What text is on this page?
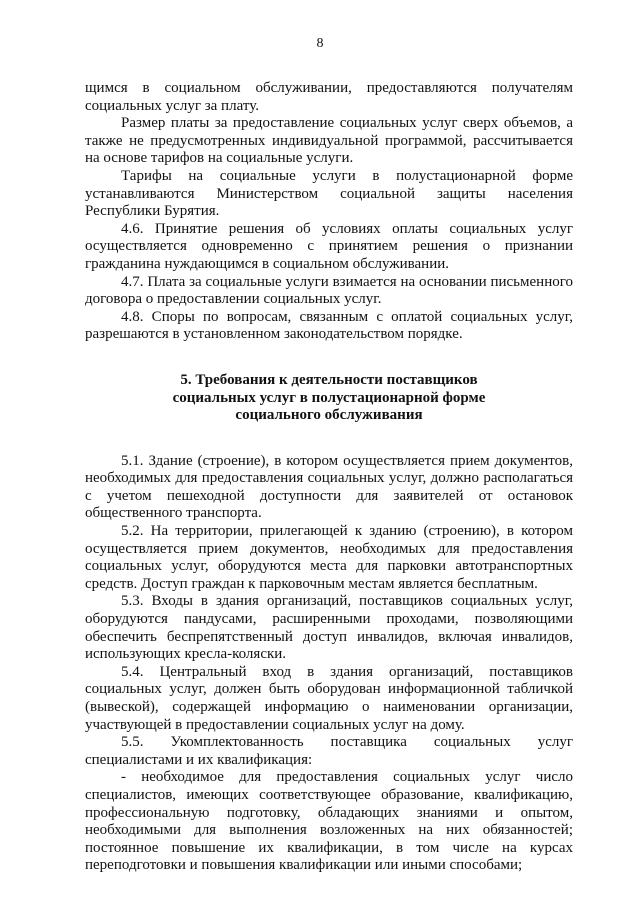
8

щимся в социальном обслуживании, предоставляются получателям социальных услуг за плату.

Размер платы за предоставление социальных услуг сверх объемов, а также не предусмотренных индивидуальной программой, рассчитывается на основе тарифов на социальные услуги.

Тарифы на социальные услуги в полустационарной форме устанавливаются Министерством социальной защиты населения Республики Бурятия.

4.6. Принятие решения об условиях оплаты социальных услуг осуществляется одновременно с принятием решения о признании гражданина нуждающимся в социальном обслуживании.

4.7. Плата за социальные услуги взимается на основании письменного договора о предоставлении социальных услуг.

4.8. Споры по вопросам, связанным с оплатой социальных услуг, разрешаются в установленном законодательством порядке.

5. Требования к деятельности поставщиков
социальных услуг в полустационарной форме
социального обслуживания

5.1. Здание (строение), в котором осуществляется прием документов, необходимых для предоставления социальных услуг, должно располагаться с учетом пешеходной доступности для заявителей от остановок общественного транспорта.

5.2. На территории, прилегающей к зданию (строению), в котором осуществляется прием документов, необходимых для предоставления социальных услуг, оборудуются места для парковки автотранспортных средств. Доступ граждан к парковочным местам является бесплатным.

5.3. Входы в здания организаций, поставщиков социальных услуг, оборудуются пандусами, расширенными проходами, позволяющими обеспечить беспрепятственный доступ инвалидов, включая инвалидов, использующих кресла-коляски.

5.4. Центральный вход в здания организаций, поставщиков социальных услуг, должен быть оборудован информационной табличкой (вывеской), содержащей информацию о наименовании организации, участвующей в предоставлении социальных услуг на дому.

5.5. Укомплектованность поставщика социальных услуг специалистами и их квалификация:

- необходимое для предоставления социальных услуг число специалистов, имеющих соответствующее образование, квалификацию, профессиональную подготовку, обладающих знаниями и опытом, необходимыми для выполнения возложенных на них обязанностей; постоянное повышение их квалификации, в том числе на курсах переподготовки и повышения квалификации или иными способами;
